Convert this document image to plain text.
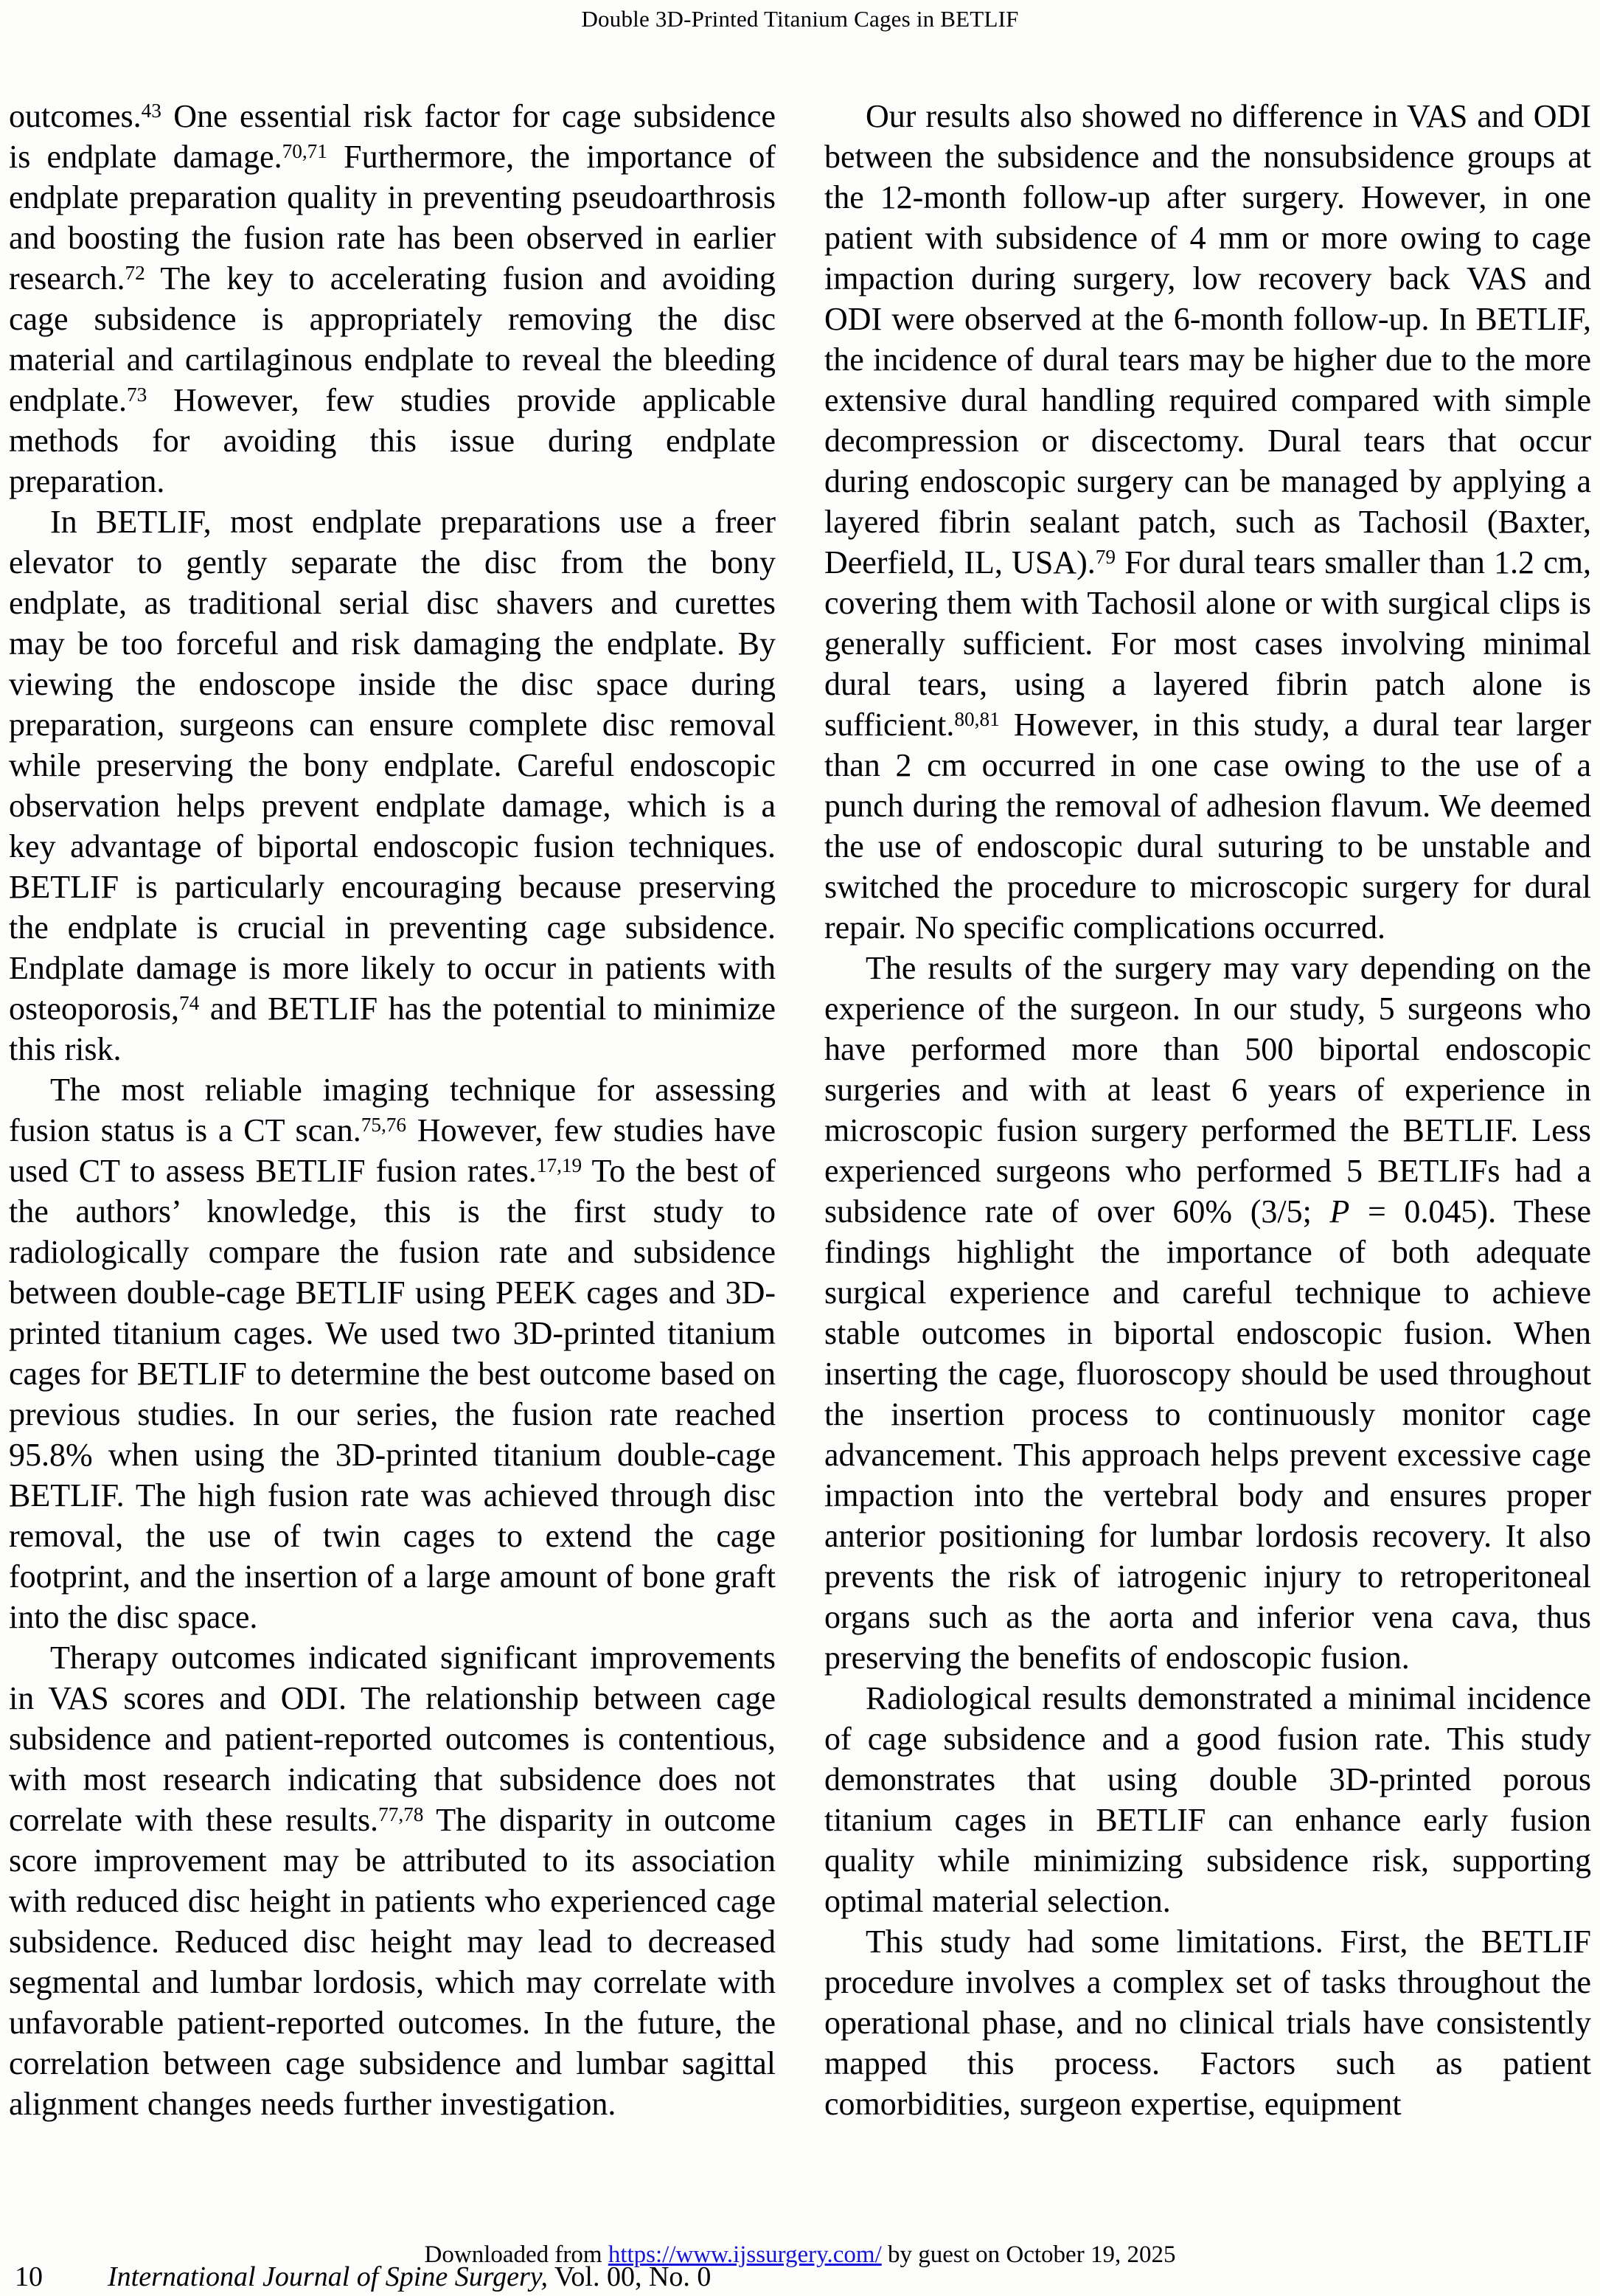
Double 3D-Printed Titanium Cages in BETLIF

outcomes.$^{43}$ One essential risk factor for cage subsidence is endplate damage.$^{70,71}$ Furthermore, the importance of endplate preparation quality in preventing pseudoarthrosis and boosting the fusion rate has been observed in earlier research.$^{72}$ The key to accelerating fusion and avoiding cage subsidence is appropriately removing the disc material and cartilaginous endplate to reveal the bleeding endplate.$^{73}$ However, few studies provide applicable methods for avoiding this issue during endplate preparation.

In BETLIF, most endplate preparations use a freer elevator to gently separate the disc from the bony endplate, as traditional serial disc shavers and curettes may be too forceful and risk damaging the endplate. By viewing the endoscope inside the disc space during preparation, surgeons can ensure complete disc removal while preserving the bony endplate. Careful endoscopic observation helps prevent endplate damage, which is a key advantage of biportal endoscopic fusion techniques. BETLIF is particularly encouraging because preserving the endplate is crucial in preventing cage subsidence. Endplate damage is more likely to occur in patients with osteoporosis,$^{74}$ and BETLIF has the potential to minimize this risk.

The most reliable imaging technique for assessing fusion status is a CT scan.$^{75,76}$ However, few studies have used CT to assess BETLIF fusion rates.$^{17,19}$ To the best of the authors’ knowledge, this is the first study to radiologically compare the fusion rate and subsidence between double-cage BETLIF using PEEK cages and 3D-printed titanium cages. We used two 3D-printed titanium cages for BETLIF to determine the best outcome based on previous studies. In our series, the fusion rate reached 95.8% when using the 3D-printed titanium double-cage BETLIF. The high fusion rate was achieved through disc removal, the use of twin cages to extend the cage footprint, and the insertion of a large amount of bone graft into the disc space.

Therapy outcomes indicated significant improvements in VAS scores and ODI. The relationship between cage subsidence and patient-reported outcomes is contentious, with most research indicating that subsidence does not correlate with these results.$^{77,78}$ The disparity in outcome score improvement may be attributed to its association with reduced disc height in patients who experienced cage subsidence. Reduced disc height may lead to decreased segmental and lumbar lordosis, which may correlate with unfavorable patient-reported outcomes. In the future, the correlation between cage subsidence and lumbar sagittal alignment changes needs further investigation.

Our results also showed no difference in VAS and ODI between the subsidence and the nonsubsidence groups at the 12-month follow-up after surgery. However, in one patient with subsidence of 4 mm or more owing to cage impaction during surgery, low recovery back VAS and ODI were observed at the 6-month follow-up. In BETLIF, the incidence of dural tears may be higher due to the more extensive dural handling required compared with simple decompression or discectomy. Dural tears that occur during endoscopic surgery can be managed by applying a layered fibrin sealant patch, such as Tachosil (Baxter, Deerfield, IL, USA).$^{79}$ For dural tears smaller than 1.2 cm, covering them with Tachosil alone or with surgical clips is generally sufficient. For most cases involving minimal dural tears, using a layered fibrin patch alone is sufficient.$^{80,81}$ However, in this study, a dural tear larger than 2 cm occurred in one case owing to the use of a punch during the removal of adhesion flavum. We deemed the use of endoscopic dural suturing to be unstable and switched the procedure to microscopic surgery for dural repair. No specific complications occurred.

The results of the surgery may vary depending on the experience of the surgeon. In our study, 5 surgeons who have performed more than 500 biportal endoscopic surgeries and with at least 6 years of experience in microscopic fusion surgery performed the BETLIF. Less experienced surgeons who performed 5 BETLIFs had a subsidence rate of over 60% (3/5; P = 0.045). These findings highlight the importance of both adequate surgical experience and careful technique to achieve stable outcomes in biportal endoscopic fusion. When inserting the cage, fluoroscopy should be used throughout the insertion process to continuously monitor cage advancement. This approach helps prevent excessive cage impaction into the vertebral body and ensures proper anterior positioning for lumbar lordosis recovery. It also prevents the risk of iatrogenic injury to retroperitoneal organs such as the aorta and inferior vena cava, thus preserving the benefits of endoscopic fusion.

Radiological results demonstrated a minimal incidence of cage subsidence and a good fusion rate. This study demonstrates that using double 3D-printed porous titanium cages in BETLIF can enhance early fusion quality while minimizing subsidence risk, supporting optimal material selection.

This study had some limitations. First, the BETLIF procedure involves a complex set of tasks throughout the operational phase, and no clinical trials have consistently mapped this process. Factors such as patient comorbidities, surgeon expertise, equipment

Downloaded from https://www.ijssurgery.com/ by guest on October 19, 2025
10 International Journal of Spine Surgery, Vol. 00, No. 0
